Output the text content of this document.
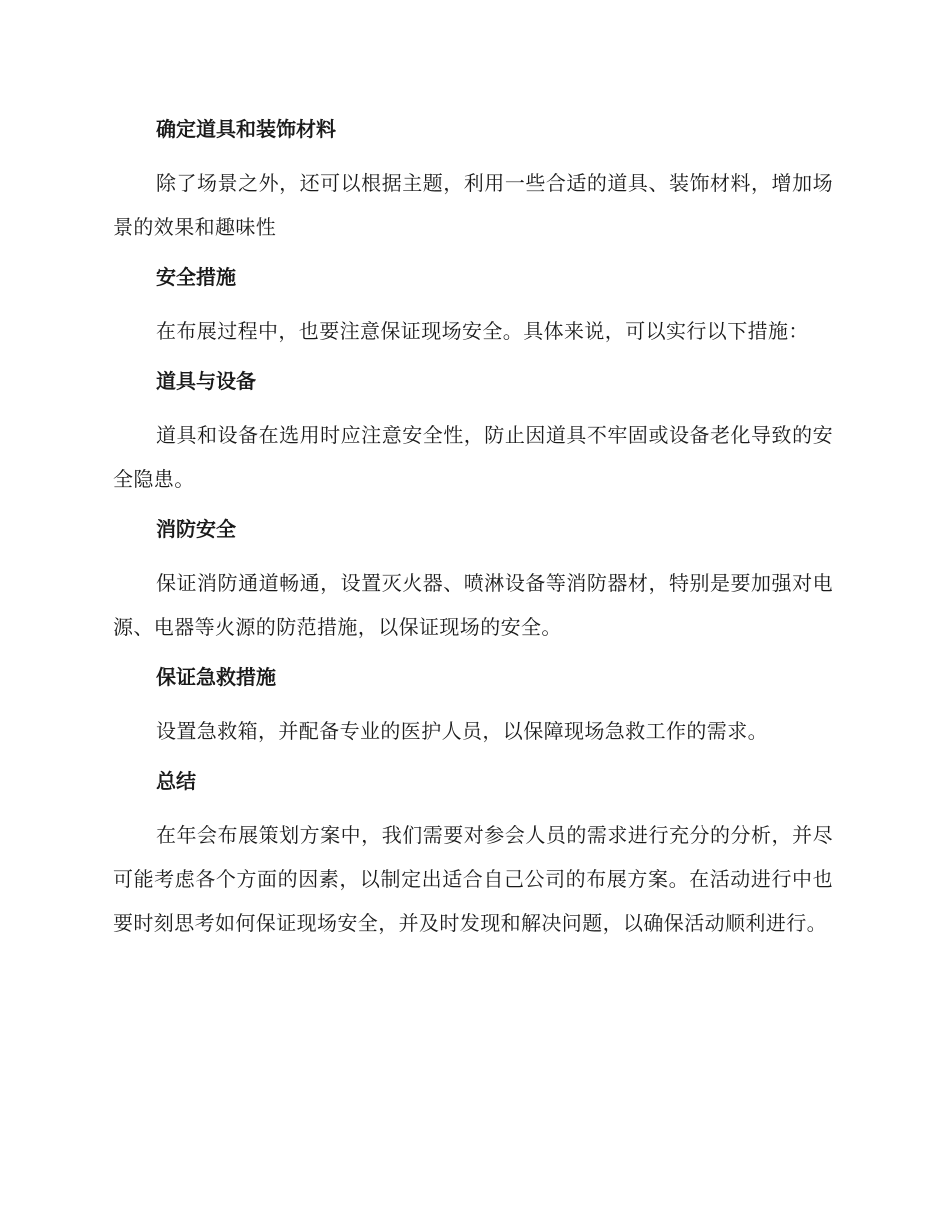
确定道具和装饰材料

除了场景之外，还可以根据主题，利用一些合适的道具、装饰材料，增加场景的效果和趣味性

安全措施

在布展过程中，也要注意保证现场安全。具体来说，可以实行以下措施：

道具与设备

道具和设备在选用时应注意安全性，防止因道具不牢固或设备老化导致的安全隐患。

消防安全

保证消防通道畅通，设置灭火器、喷淋设备等消防器材，特别是要加强对电源、电器等火源的防范措施，以保证现场的安全。

保证急救措施

设置急救箱，并配备专业的医护人员，以保障现场急救工作的需求。

总结

在年会布展策划方案中，我们需要对参会人员的需求进行充分的分析，并尽可能考虑各个方面的因素，以制定出适合自己公司的布展方案。在活动进行中也要时刻思考如何保证现场安全，并及时发现和解决问题，以确保活动顺利进行。
